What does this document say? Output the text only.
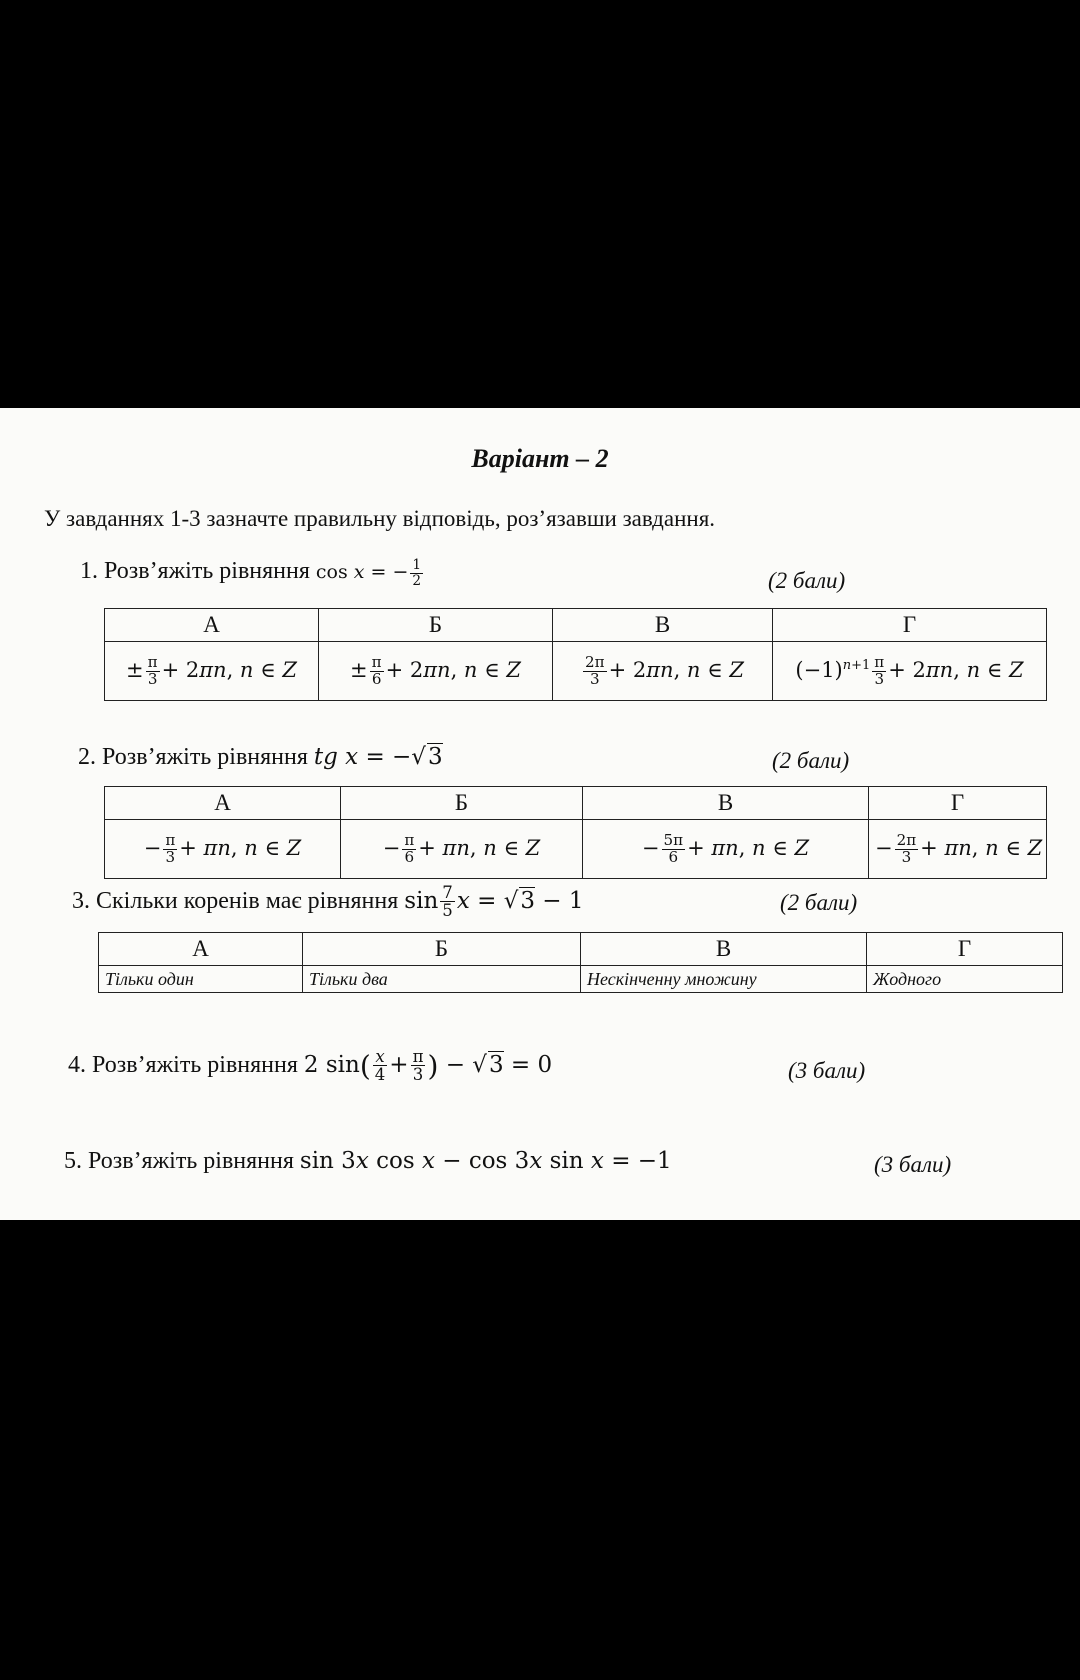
Варіант – 2
У завданнях 1-3 зазначте правильну відповідь, роз’язавши завдання.
1. Розв’яжіть рівняння cos x = − $\frac{1}{2}$	(2 бали)
А	Б	В	Г
± $\frac{\pi}{3} + 2\pi n$, n ∈ Z	± $\frac{\pi}{6} + 2\pi n$, n ∈ Z	$\frac{2\pi}{3} + 2\pi n$, n ∈ Z	$(-1)^{n+1} \frac{\pi}{3} + 2\pi n$, n ∈ Z
2. Розв’яжіть рівняння tg x = −√3	(2 бали)
А	Б	В	Г
− $\frac{\pi}{3} + \pi n$, n ∈ Z	− $\frac{\pi}{6} + \pi n$, n ∈ Z	− $\frac{5\pi}{6} + \pi n$, n ∈ Z	− $\frac{2\pi}{3} + \pi n$, n ∈ Z
3. Скільки коренів має рівняння $\sin \frac{7}{5}$ x = √3 − 1	(2 бали)
А	Б	В	Г
Тільки один	Тільки два	Нескінченну множину	Жодного
4. Розв’яжіть рівняння 2 $\sin( \frac{x}{4} + \frac{\pi}{3}$ ) − √3 = 0	(3 бали)
5. Розв’яжіть рівняння sin 3x cos x − cos 3x sin x = −1	(3 бали)
